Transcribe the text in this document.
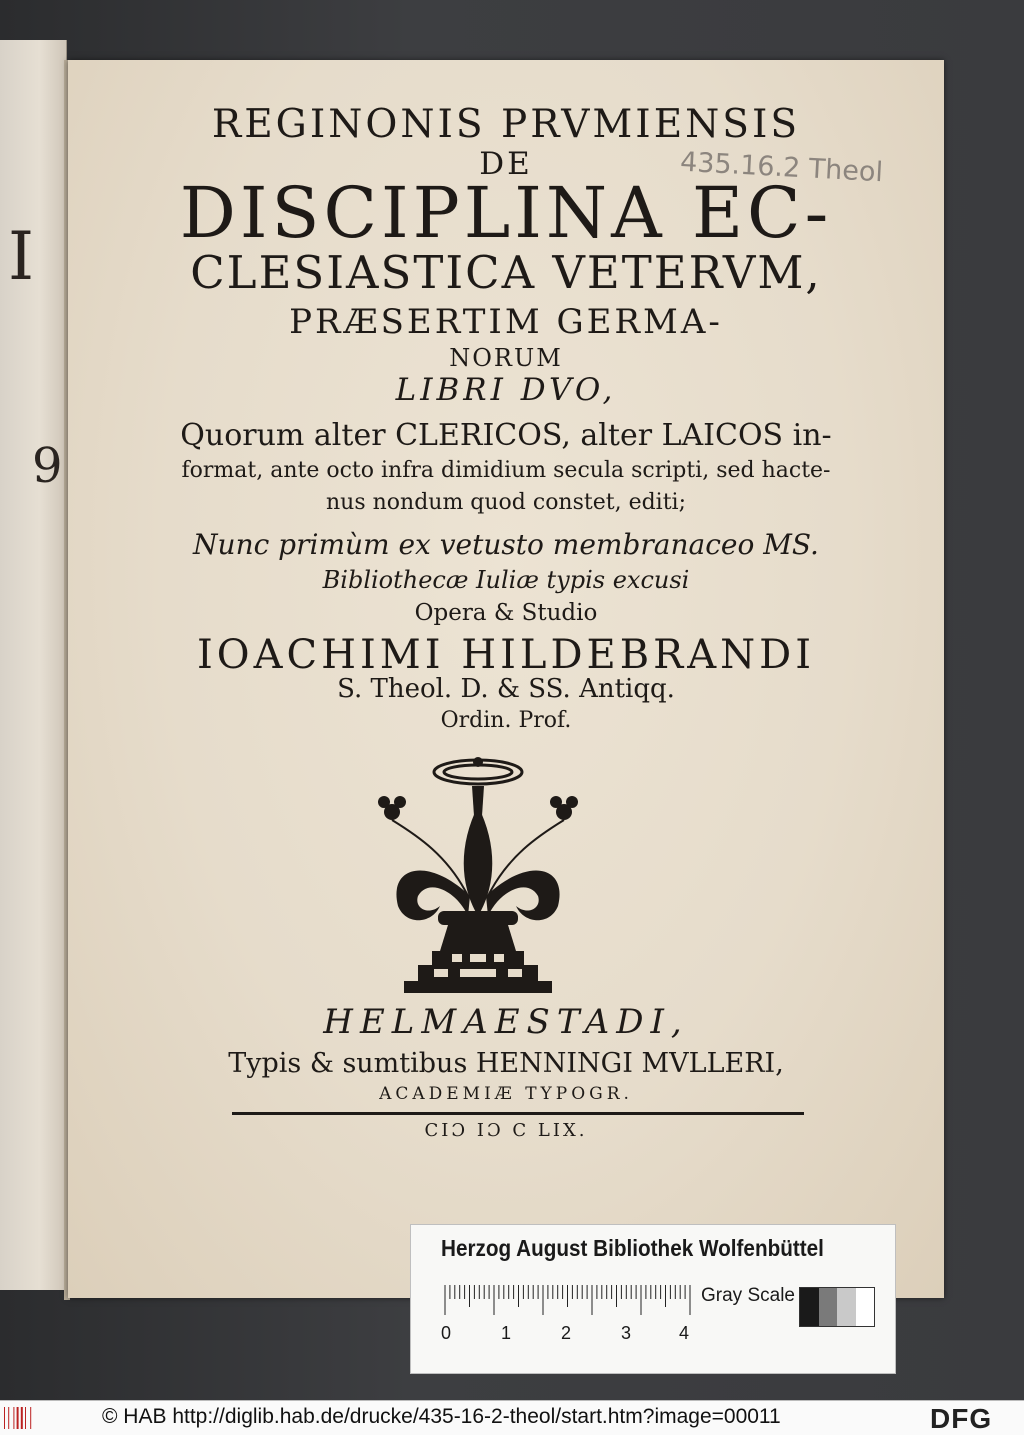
I
9
435.16.2 Theol
REGINONIS PRVMIENSIS
DE
DISCIPLINA EC-
CLESIASTICA VETERVM,
PRÆSERTIM GERMA-
NORUM
LIBRI DVO,
Quorum alter CLERICOS, alter LAICOS in-
format, ante octo infra dimidium secula scripti, sed hacte-
nus nondum quod constet, editi;
Nunc primùm ex vetusto membranaceo MS.
Bibliothecæ Iuliæ typis excusi
Opera & Studio
IOACHIMI HILDEBRANDI
S. Theol. D. & SS. Antiqq.
Ordin. Prof.
HELMAESTADI,
Typis & sumtibus HENNINGI MVLLERI,
ACADEMIÆ TYPOGR.
CIƆ IƆ C LIX.
Herzog August Bibliothek Wolfenbüttel
0	1	2	3	4
Gray Scale
© HAB http://diglib.hab.de/drucke/435-16-2-theol/start.htm?image=00011	DFG
